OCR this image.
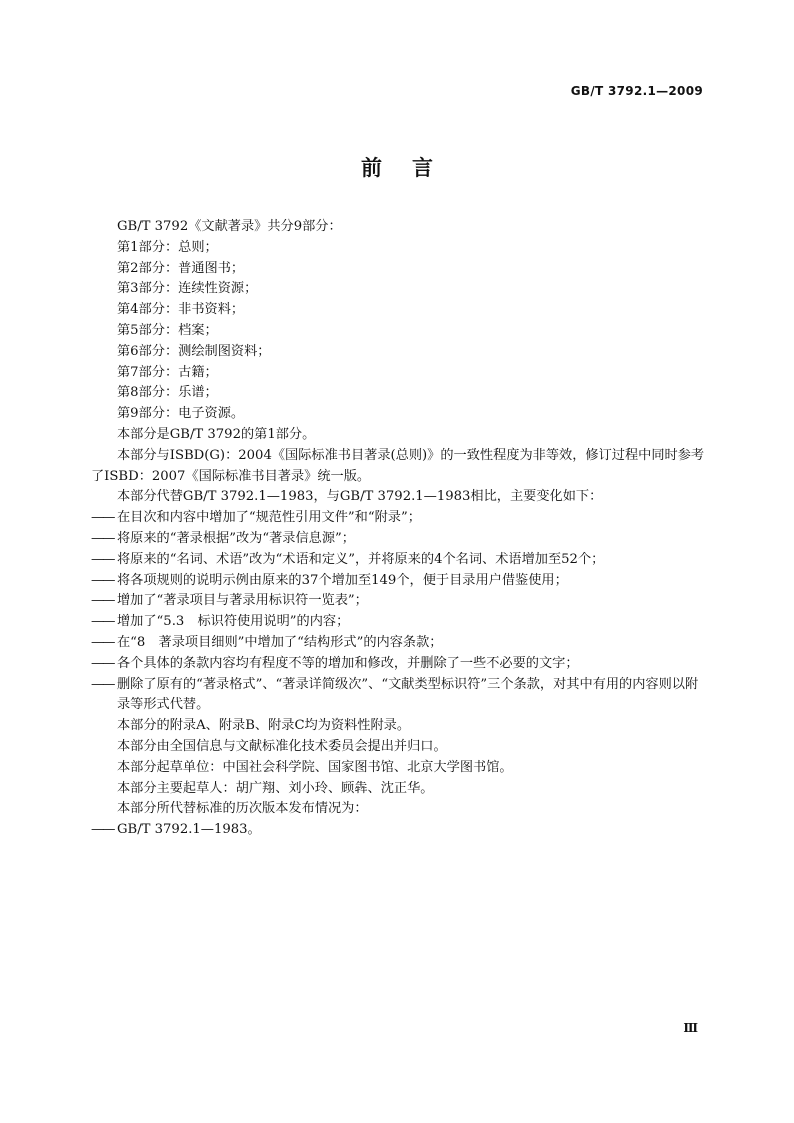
GB/T 3792.1—2009
前言

GB/T 3792《文献著录》共分9部分：

第1部分：总则；

第2部分：普通图书；

第3部分：连续性资源；

第4部分：非书资料；

第5部分：档案；

第6部分：测绘制图资料；

第7部分：古籍；

第8部分：乐谱；

第9部分：电子资源。

本部分是GB/T 3792的第1部分。

本部分与ISBD(G)：2004《国际标准书目著录(总则)》的一致性程度为非等效，修订过程中同时参考了ISBD：2007《国际标准书目著录》统一版。

本部分代替GB/T 3792.1—1983，与GB/T 3792.1—1983相比，主要变化如下：

—— 在目次和内容中增加了“规范性引用文件”和“附录”；

—— 将原来的“著录根据”改为“著录信息源”；

—— 将原来的“名词、术语”改为“术语和定义”，并将原来的4个名词、术语增加至52个；

—— 将各项规则的说明示例由原来的37个增加至149个，便于目录用户借鉴使用；

—— 增加了“著录项目与著录用标识符一览表”；

—— 增加了“5.3　标识符使用说明”的内容；

—— 在“8　著录项目细则”中增加了“结构形式”的内容条款；

—— 各个具体的条款内容均有程度不等的增加和修改，并删除了一些不必要的文字；

—— 删除了原有的“著录格式”、“著录详简级次”、“文献类型标识符”三个条款，对其中有用的内容则以附录等形式代替。

本部分的附录A、附录B、附录C均为资料性附录。

本部分由全国信息与文献标准化技术委员会提出并归口。

本部分起草单位：中国社会科学院、国家图书馆、北京大学图书馆。

本部分主要起草人：胡广翔、刘小玲、顾犇、沈正华。

本部分所代替标准的历次版本发布情况为：

—— GB/T 3792.1—1983。

Ⅲ
